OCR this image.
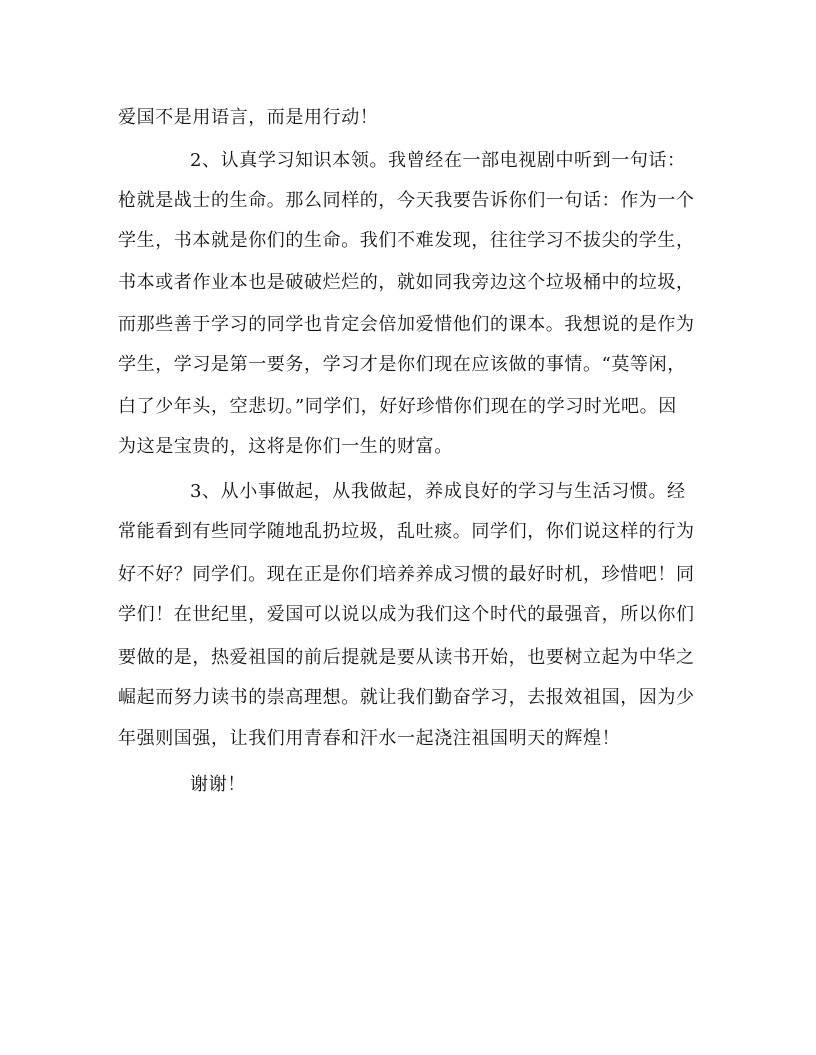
爱国不是用语言，而是用行动！
2、认真学习知识本领。我曾经在一部电视剧中听到一句话：
枪就是战士的生命。那么同样的，今天我要告诉你们一句话：作为一个
学生，书本就是你们的生命。我们不难发现，往往学习不拔尖的学生，
书本或者作业本也是破破烂烂的，就如同我旁边这个垃圾桶中的垃圾，
而那些善于学习的同学也肯定会倍加爱惜他们的课本。我想说的是作为
学生，学习是第一要务，学习才是你们现在应该做的事情。“莫等闲，
白了少年头，空悲切。”同学们，好好珍惜你们现在的学习时光吧。因
为这是宝贵的，这将是你们一生的财富。
3、从小事做起，从我做起，养成良好的学习与生活习惯。经
常能看到有些同学随地乱扔垃圾，乱吐痰。同学们，你们说这样的行为
好不好？同学们。现在正是你们培养养成习惯的最好时机，珍惜吧！同
学们！在世纪里，爱国可以说以成为我们这个时代的最强音，所以你们
要做的是，热爱祖国的前后提就是要从读书开始，也要树立起为中华之
崛起而努力读书的崇高理想。就让我们勤奋学习，去报效祖国，因为少
年强则国强，让我们用青春和汗水一起浇注祖国明天的辉煌！
谢谢！
